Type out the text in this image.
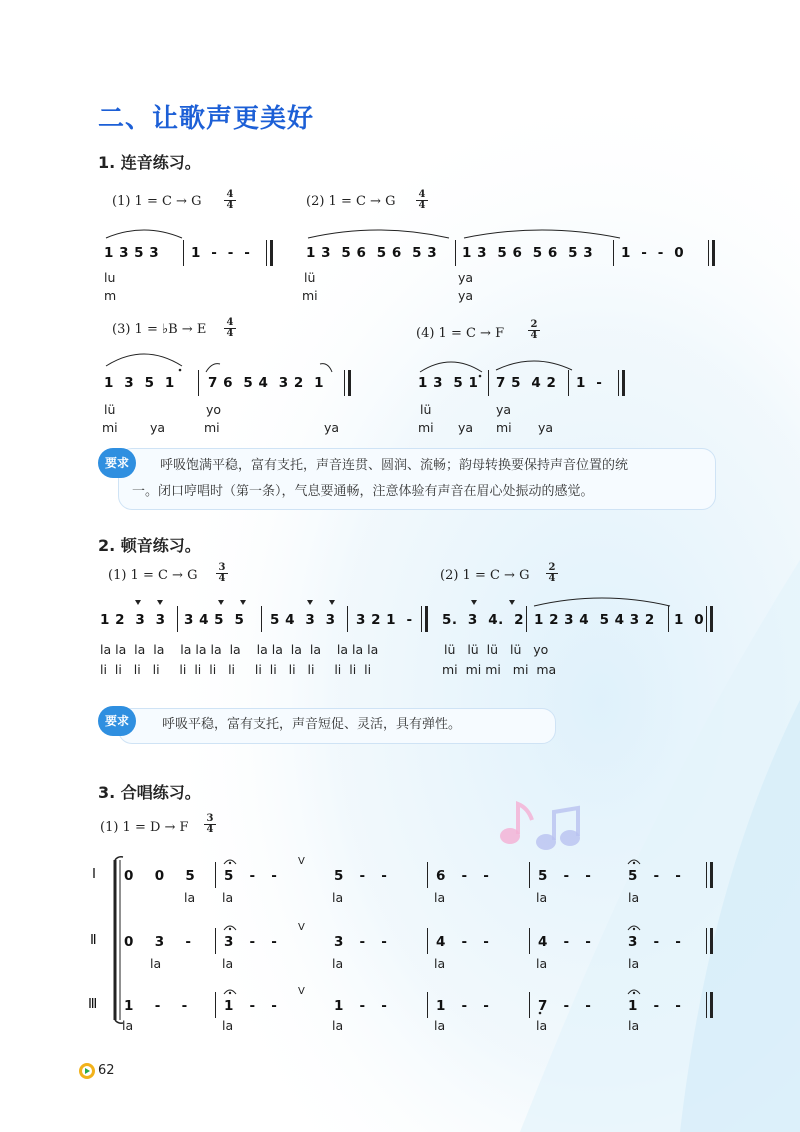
二、让歌声更美好
1. 连音练习。
(1) 1 = C → G $\frac{4}{4}$
1 3 5 3 1  -  -  -
lu
m
(2) 1 = C → G $\frac{4}{4}$
1 3  5 6  5 6  5 3 1 3  5 6  5 6  5 3 1  -  -  0
lü	ya
mi	ya
(3) 1 = ♭B → E $\frac{4}{4}$
1  3  5  1 7 6  5 4  3 2  1
lü	yo
mi	ya	mi	ya
(4) 1 = C → F $\frac{2}{4}$
1 3  5 1 7 5  4 2 1  -
lü	ya
mi ya mi ya
要求	呼吸饱满平稳，富有支托，声音连贯、圆润、流畅；韵母转换要保持声音位置的统
一。闭口哼唱时（第一条），气息要通畅，注意体验有声音在眉心处振动的感觉。
2. 顿音练习。
(1) 1 = C → G $\frac{3}{4}$	(2) 1 = C → G $\frac{2}{4}$
1 2  3  3 3 4 5  5 5 4  3  3 3 2 1  - 5.  3  4.  2 1 2 3 4  5 4 3 2 1  0
la la  la  la    la la la  la    la la  la  la    la la la
li  li   li   li     li  li  li   li     li  li   li   li     li  li  li
lü   lü  lü   lü   yo
mi  mi mi   mi  ma
要求	呼吸平稳，富有支托，声音短促、灵活，具有弹性。
3. 合唱练习。
(1) 1 = D → F $\frac{3}{4}$
Ⅰ
Ⅱ
Ⅲ
V
V
V
0    0    5 5   -   -	5   -   -	6   -   -	5   -   -	5   -   -
la la	la	la	la	la
0    3    - 3   -   -	3   -   -	4   -   -	4   -   -	3   -   -
la	la	la	la	la	la
1    -    -	1   -   -	1   -   -	1   -   -	7   -   -	1   -   -
la	la	la	la	la	la
62
